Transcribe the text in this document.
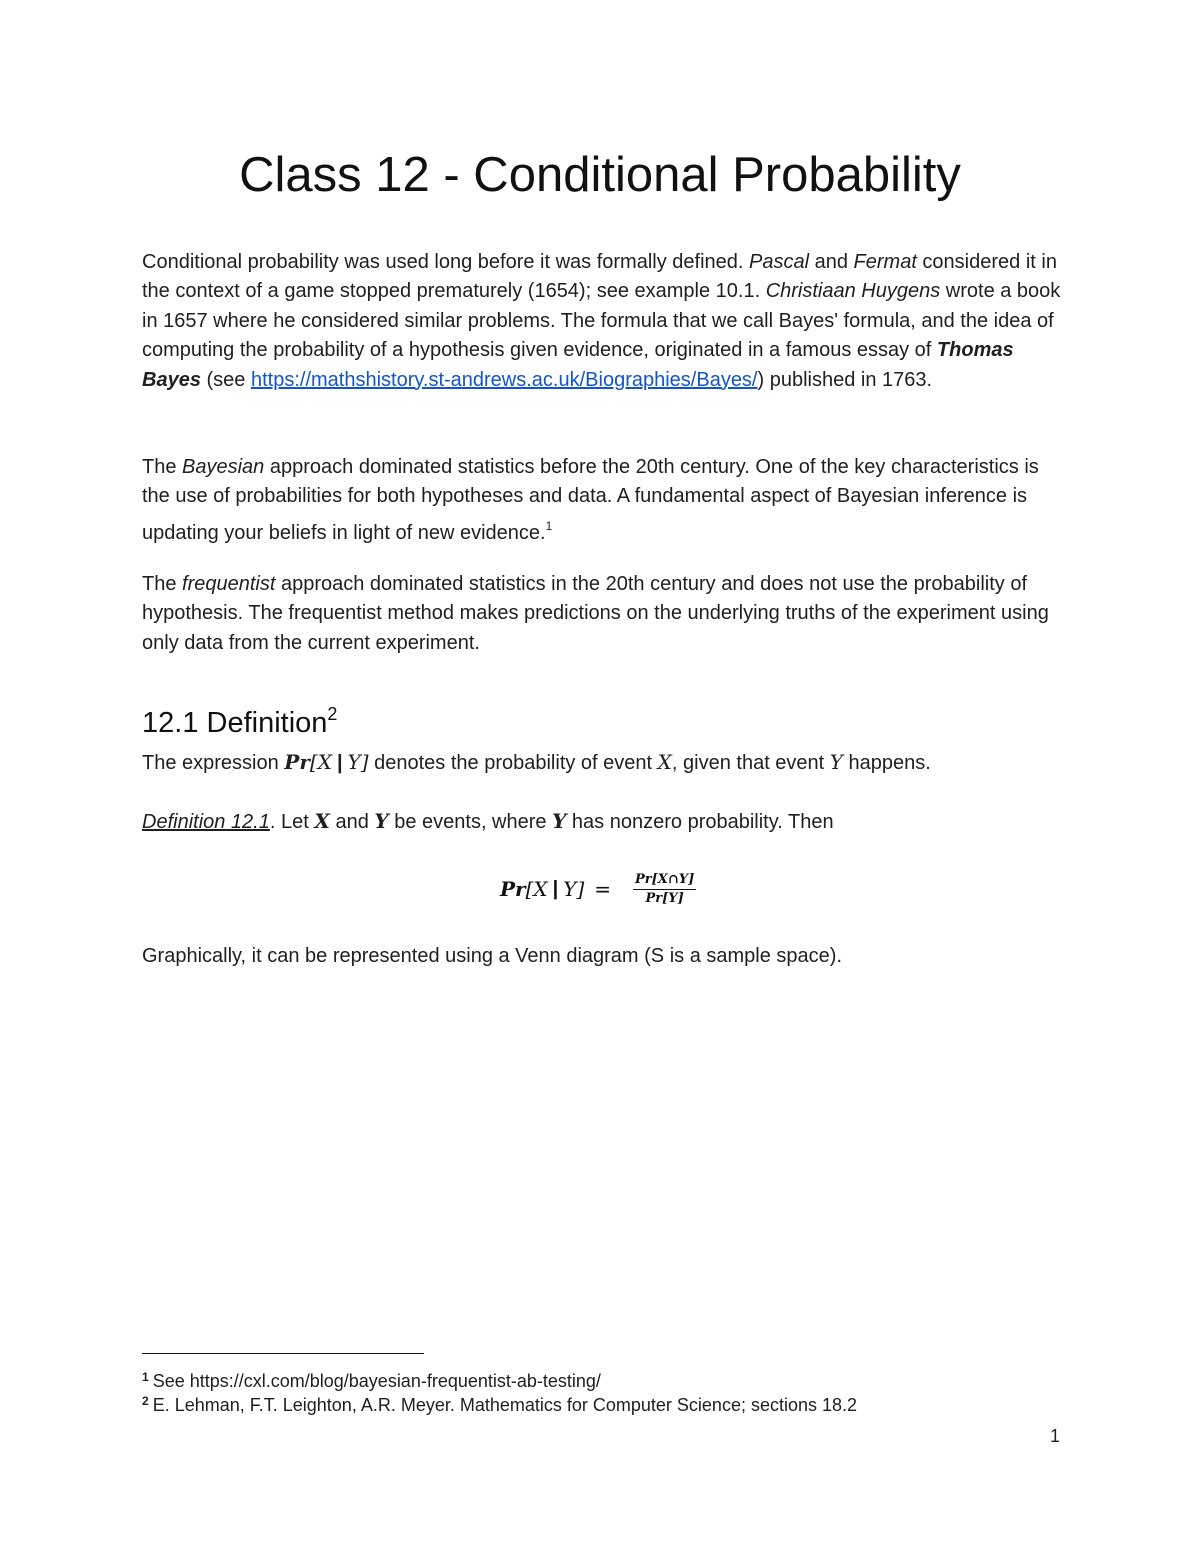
Class 12 - Conditional Probability

Conditional probability was used long before it was formally defined. Pascal and Fermat considered it in the context of a game stopped prematurely (1654); see example 10.1. Christiaan Huygens wrote a book in 1657 where he considered similar problems. The formula that we call Bayes' formula, and the idea of computing the probability of a hypothesis given evidence, originated in a famous essay of Thomas Bayes (see https://mathshistory.st-andrews.ac.uk/Biographies/Bayes/) published in 1763.

The Bayesian approach dominated statistics before the 20th century. One of the key characteristics is the use of probabilities for both hypotheses and data. A fundamental aspect of Bayesian inference is updating your beliefs in light of new evidence.$^1$

The frequentist approach dominated statistics in the 20th century and does not use the probability of hypothesis. The frequentist method makes predictions on the underlying truths of the experiment using only data from the current experiment.

12.1 Definition$^2$

The expression Pr[X | Y] denotes the probability of event X, given that event Y happens.

Definition 12.1. Let X and Y be events, where Y has nonzero probability. Then

Pr [ X | Y ] = $\frac{Pr[X\cap Y]}{Pr[Y]}$

Graphically, it can be represented using a Venn diagram (S is a sample space).

$^1$ See https://cxl.com/blog/bayesian-frequentist-ab-testing/

$^2$ E. Lehman, F.T. Leighton, A.R. Meyer. Mathematics for Computer Science; sections 18.2

1
